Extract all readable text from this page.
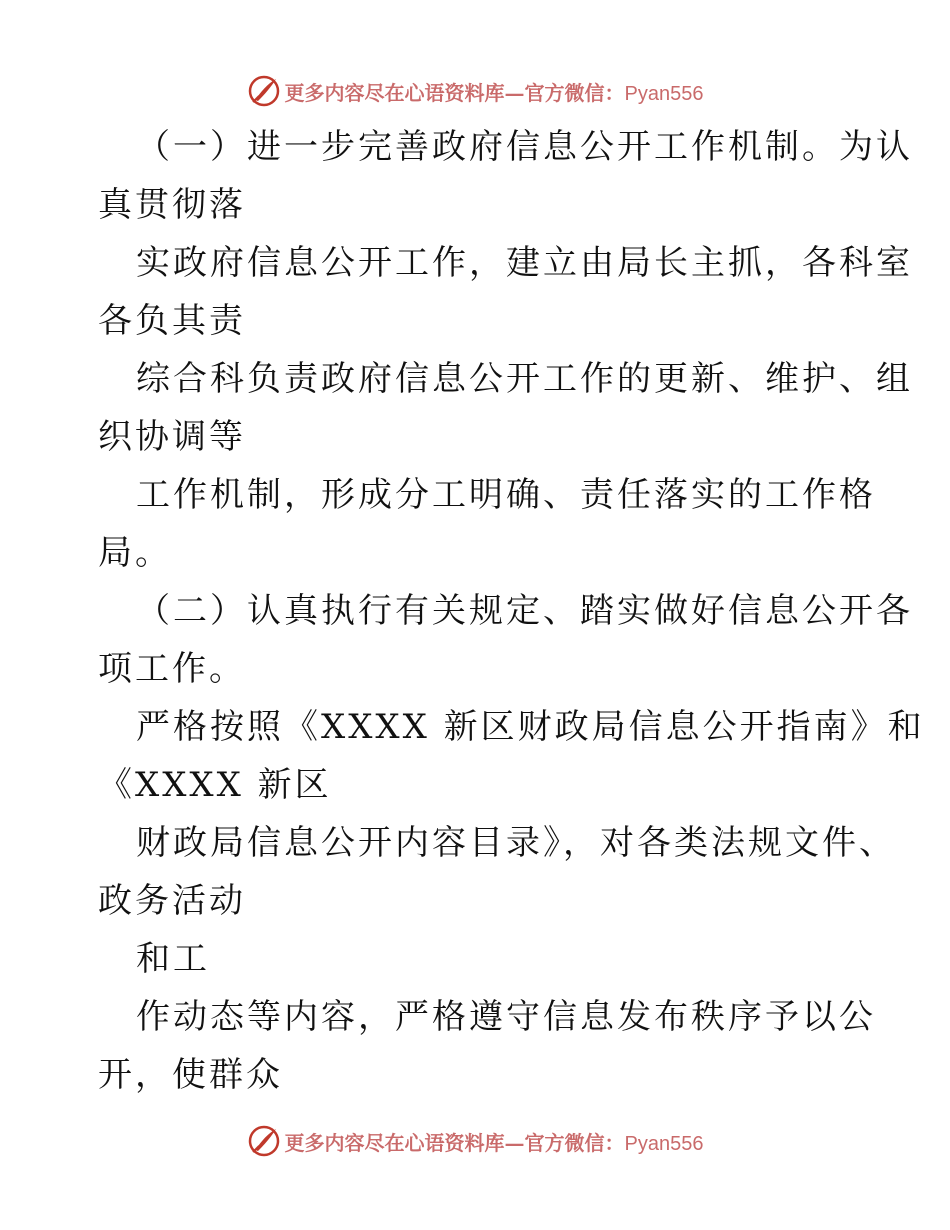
更多内容尽在心语资料库—官方微信：Pyan556
（一）进一步完善政府信息公开工作机制。为认
真贯彻落
实政府信息公开工作，建立由局长主抓，各科室
各负其责
综合科负责政府信息公开工作的更新、维护、组
织协调等
工作机制，形成分工明确、责任落实的工作格
局。
（二）认真执行有关规定、踏实做好信息公开各
项工作。
严格按照《XXXX 新区财政局信息公开指南》和
《XXXX 新区
财政局信息公开内容目录》，对各类法规文件、
政务活动
和工
作动态等内容，严格遵守信息发布秩序予以公
开，使群众
更多内容尽在心语资料库—官方微信：Pyan556
